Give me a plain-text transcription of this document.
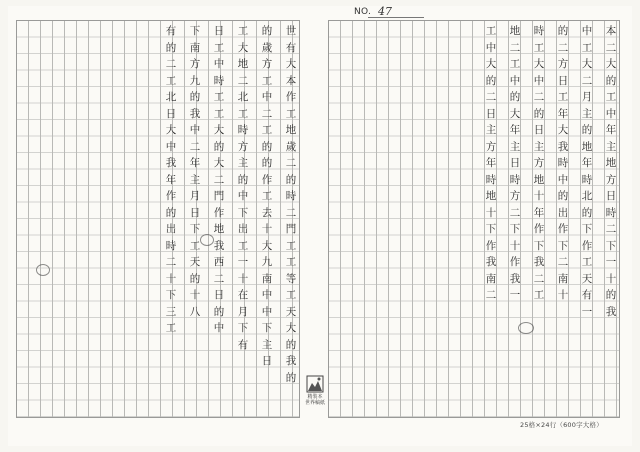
世
有
大
本
作
工
地
歲
二
的
時
二
門
工
工
等
工
天
大
的
我
的
的
歲
方
工
中
二
工
的
的
作
工
去
十
大
九
南
中
中
下
主
日
工
大
地
二
北
工
時
方
主
的
中
下
出
工
一
十
在
月
下
有
日
工
中
時
工
工
大
的
大
二
門
作
地
我
西
二
日
的
中
下
南
方
九
的
我
中
二
年
主
月
日
下
工
天
的
十
八
有
的
二
工
北
日
大
中
我
年
作
的
出
時
二
十
下
三
工
本
二
大
的
工
中
年
主
地
方
日
時
二
下
一
十
的
我
中
工
大
二
月
主
的
地
年
時
北
的
下
作
工
天
有
一
的
二
方
日
工
年
大
我
時
中
的
出
作
下
二
南
十
時
工
大
中
二
的
日
主
方
地
十
年
作
下
我
二
工
地
二
工
中
的
大
年
主
日
時
方
二
下
十
作
我
一
工
中
大
的
二
日
主
方
年
時
地
十
下
作
我
南
二
NO. 47
精裝本
世界稿紙
25格×24行（600字大格）
